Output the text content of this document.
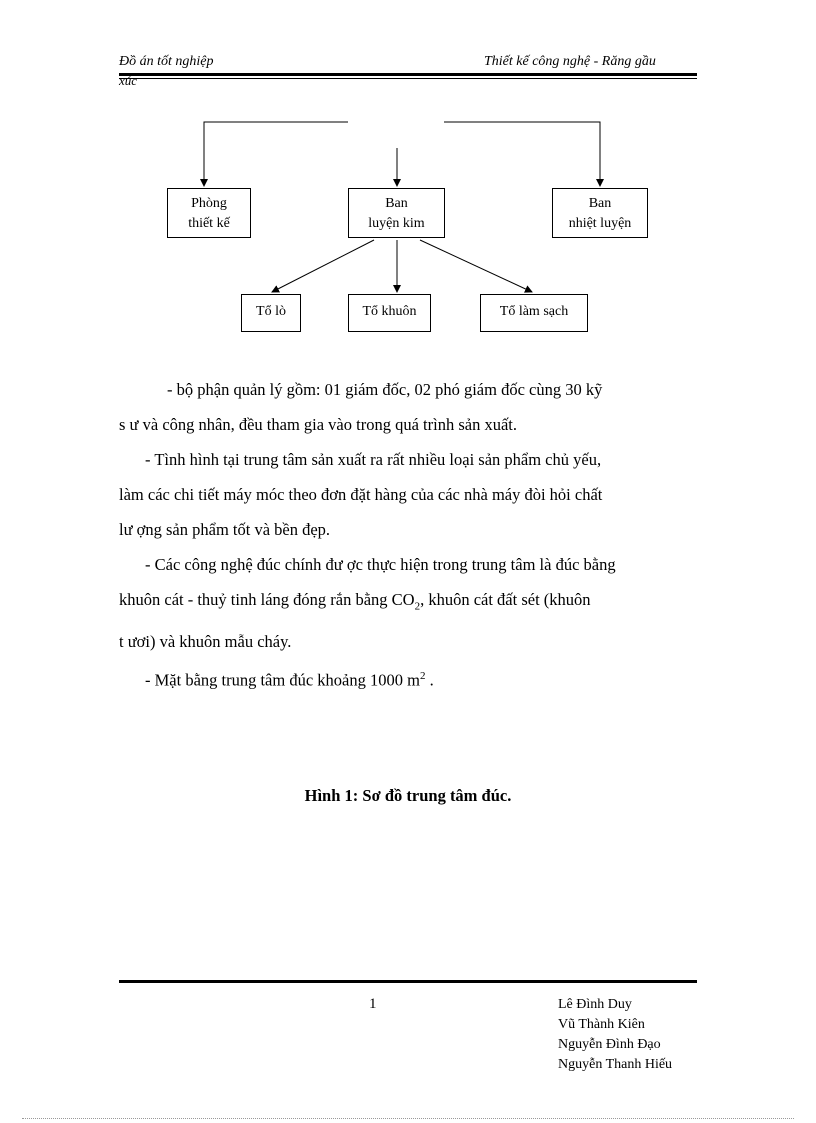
Đồ án tốt nghiệp	Thiết kế công nghệ - Răng gầu
xúc
Phòng
thiết kế
Ban
luyện kim
Ban
nhiệt luyện
Tổ lò	Tổ khuôn	Tổ làm sạch

- bộ phận quản lý gồm: 01 giám đốc, 02 phó giám đốc cùng 30 kỹ

s ư và công nhân, đều tham gia vào trong quá trình sản xuất.

- Tình hình tại trung tâm sản xuất ra rất nhiều loại sản phẩm chủ yếu,

làm các chi tiết máy móc theo đơn đặt hàng của các nhà máy đòi hỏi chất

lư ợng sản phẩm tốt và bền đẹp.

- Các công nghệ đúc chính đư ợc thực hiện trong trung tâm là đúc bằng

khuôn cát - thuỷ tinh láng đóng rắn bằng $CO_2$, khuôn cát đất sét (khuôn

t ươi) và khuôn mẫu cháy.

- Mặt bằng trung tâm đúc khoảng 1000 $m^2$ .

Hình 1: Sơ đồ trung tâm đúc.
1	Lê Đình Duy
Vũ Thành Kiên
Nguyễn Đình Đạo
Nguyễn Thanh Hiếu
